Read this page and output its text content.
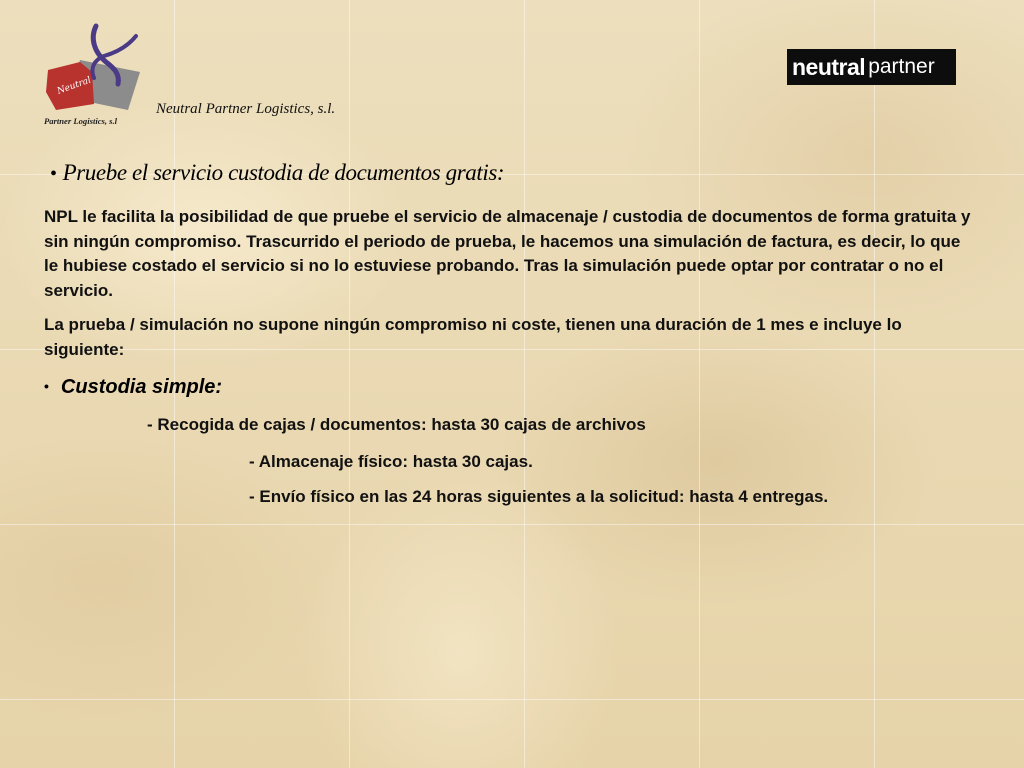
Neutral
Partner Logistics, s.l
Neutral Partner Logistics, s.l.
neutral partner
• Pruebe el servicio custodia de documentos gratis:
NPL le facilita la posibilidad de que pruebe el servicio de almacenaje / custodia de documentos de forma gratuita y sin ningún compromiso. Trascurrido el periodo de prueba, le hacemos una simulación de factura, es decir, lo que le hubiese costado el servicio si no lo estuviese probando. Tras la simulación puede optar por contratar o no el servicio.
La prueba / simulación no supone ningún compromiso ni coste, tienen una duración de 1 mes e incluye lo siguiente:
• Custodia simple:
- Recogida de cajas / documentos: hasta 30 cajas de archivos
- Almacenaje físico: hasta 30 cajas.
- Envío físico en las 24 horas siguientes a la solicitud: hasta 4 entregas.
